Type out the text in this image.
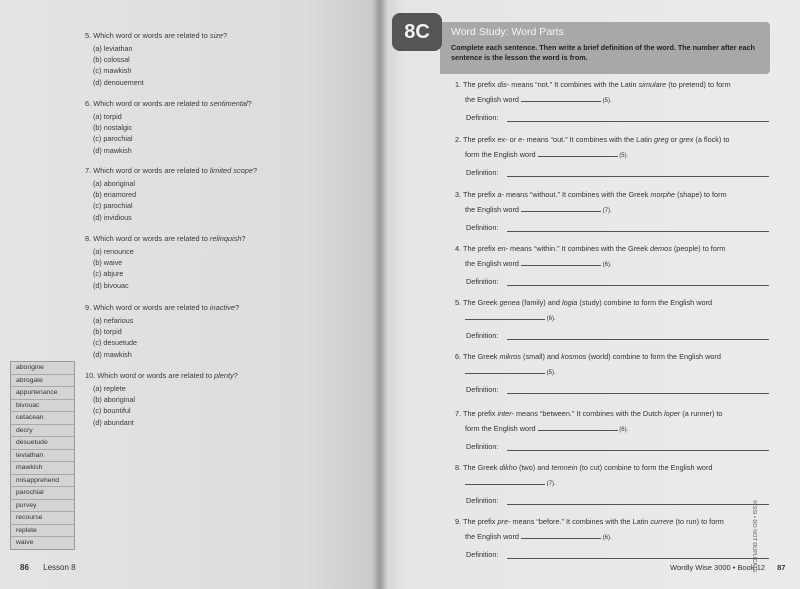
5. Which word or words are related to size?

(a) leviathan
(b) colossal
(c) mawkish
(d) denouement

6. Which word or words are related to sentimental?

(a) torpid
(b) nostalgic
(c) parochial
(d) mawkish

7. Which word or words are related to limited scope?

(a) aboriginal
(b) enamored
(c) parochial
(d) invidious

8. Which word or words are related to relinquish?

(a) renounce
(b) waive
(c) abjure
(d) bivouac

9. Which word or words are related to inactive?

(a) nefarious
(b) torpid
(c) desuetude
(d) mawkish

10. Which word or words are related to plenty?

(a) replete
(b) aboriginal
(c) bountiful
(d) abundant
aborigine
abrogate
appurtenance
bivouac
cetacean
decry
desuetude
leviathan
mawkish
misapprehend
parochial
purvey
recourse
replete
waive
86 Lesson 8
8C	Word Study: Word Parts
Complete each sentence. Then write a brief definition of the word. The number after each sentence is the lesson the word is from.
1. The prefix dis- means “not.” It combines with the Latin simulare (to pretend) to form
the English word	(5).
Definition:
2. The prefix ex- or e- means “out.” It combines with the Latin greg or grex (a flock) to
form the English word	(5).
Definition:
3. The prefix a- means “without.” It combines with the Greek morphe (shape) to form
the English word	(7).
Definition:
4. The prefix en- means “within.” It combines with the Greek demos (people) to form
the English word	(6).
Definition:
5. The Greek genea (family) and logia (study) combine to form the English word
(6).
Definition:
6. The Greek mikros (small) and kosmos (world) combine to form the English word
(5).
Definition:
7. The prefix inter- means “between.” It combines with the Dutch loper (a runner) to
form the English word	(6).
Definition:
8. The Greek dikho (two) and temnein (to cut) combine to form the English word
(7).
Definition:
9. The prefix pre- means “before.” It combines with the Latin currere (to run) to form
the English word	(6).
Definition:
Wordly Wise 3000 • Book 12 87
© SSI • DO NOT DUPLICATE
